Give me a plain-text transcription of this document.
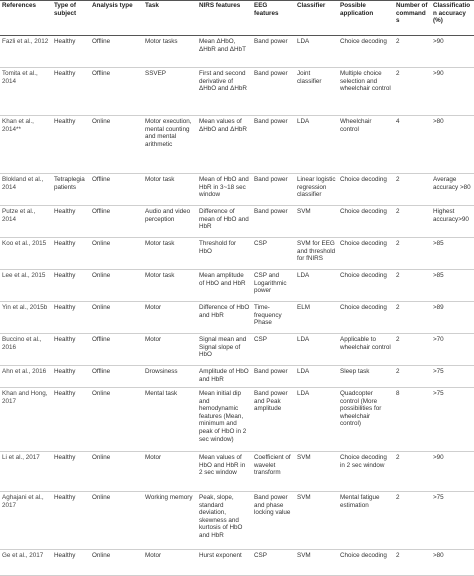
References	Type of subject	Analysis type	Task	NIRS features	EEG features	Classifier	Possible application	Number of commands	Classification accuracy (%)
Fazli et al., 2012	Healthy	Offline	Motor tasks	Mean ΔHbO, ΔHbR and ΔHbT	Band power	LDA	Choice decoding	2	>90
Tomita et al., 2014	Healthy	Offline	SSVEP	First and second derivative of ΔHbO and ΔHbR	Band power	Joint classifier	Multiple choice selection and wheelchair control	2	>90
Khan et al., 2014**	Healthy	Online	Motor execution, mental counting and mental arithmetic	Mean values of ΔHbO and ΔHbR	Band power	LDA	Wheelchair control	4	>80
Blokland et al., 2014	Tetraplegia patients	Offline	Motor task	Mean of HbO and HbR in 3~18 sec window	Band power	Linear logistic regression classifier	Choice decoding	2	Average accuracy >80
Putze et al., 2014	Healthy	Offline	Audio and video perception	Difference of mean of HbO and HbR	Band power	SVM	Choice decoding	2	Highest accuracy>90
Koo et al., 2015	Healthy	Online	Motor task	Threshold for HbO	CSP	SVM for EEG and threshold for fNIRS	Choice decoding	2	>85
Lee et al., 2015	Healthy	Online	Motor task	Mean amplitude of HbO and HbR	CSP and Logarithmic power	LDA	Choice decoding	2	>85
Yin et al., 2015b	Healthy	Online	Motor	Difference of HbO and HbR	Time-frequency Phase	ELM	Choice decoding	2	>89
Buccino et al., 2016	Healthy	Offline	Motor	Signal mean and Signal slope of HbO	CSP	LDA	Applicable to wheelchair control	2	>70
Ahn et al., 2016	Healthy	Offline	Drowsiness	Amplitude of HbO and HbR	Band power	LDA	Sleep task	2	>75
Khan and Hong, 2017	Healthy	Online	Mental task	Mean initial dip and hemodynamic features (Mean, minimum and peak of HbO in 2 sec window)	Band power and Peak amplitude	LDA	Quadcopter control (More possibilities for wheelchair control)	8	>75
Li et al., 2017	Healthy	Online	Motor	Mean values of HbO and HbR in 2 sec window	Coefficient of wavelet transform	SVM	Choice decoding in 2 sec window	2	>90
Aghajani et al., 2017	Healthy	Online	Working memory	Peak, slope, standard deviation, skewness and kurtosis of HbO and HbR	Band power and phase locking value	SVM	Mental fatigue estimation	2	>75
Ge et al., 2017	Healthy	Online	Motor	Hurst exponent	CSP	SVM	Choice decoding	2	>80
